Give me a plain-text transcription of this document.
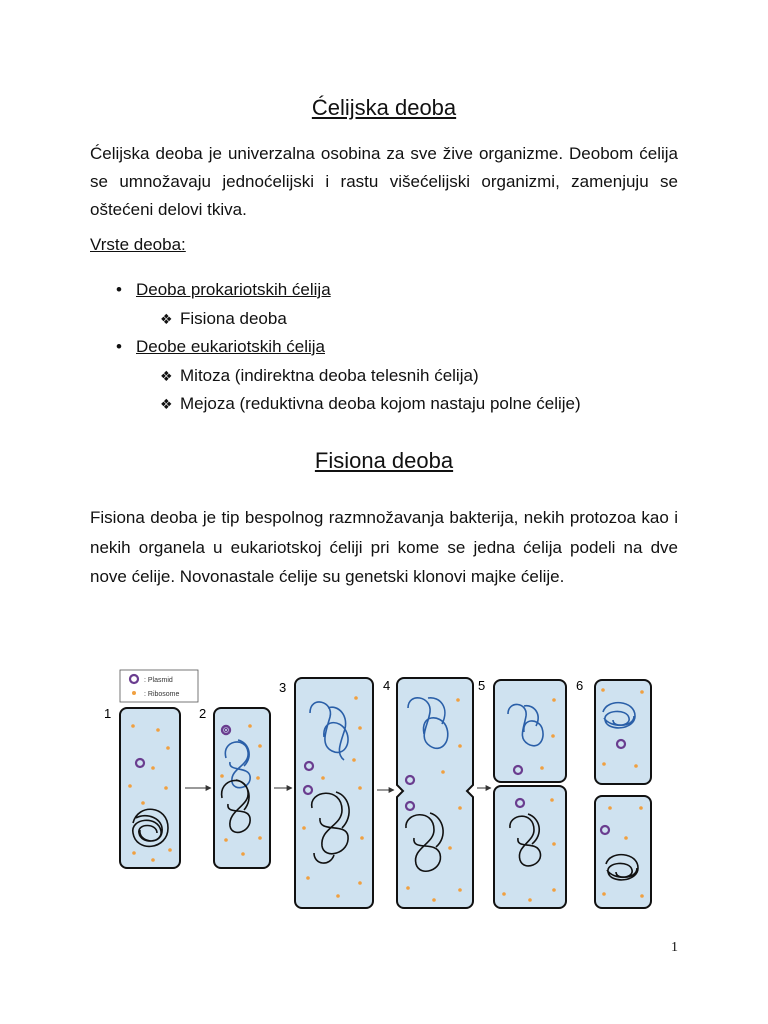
Ćelijska deoba

Ćelijska deoba je univerzalna osobina za sve žive organizme. Deobom ćelija se umnožavaju jednoćelijski i rastu višećelijski organizmi, zamenjuju se oštećeni delovi tkiva.

Vrste deoba:
• Deoba prokariotskih ćelija
❖ Fisiona deoba
• Deobe eukariotskih ćelija
❖ Mitoza (indirektna deoba telesnih ćelija)
❖ Mejoza (reduktivna deoba kojom nastaju polne ćelije)
Fisiona deoba

Fisiona deoba je tip bespolnog razmnožavanja bakterija, nekih protozoa kao i nekih organela u eukariotskoj ćeliji pri kome se jedna ćelija podeli na dve nove ćelije. Novonastale ćelije su genetski klonovi majke ćelije.

: Plasmid
: Ribosome
1	2
3	4	5	6
1
